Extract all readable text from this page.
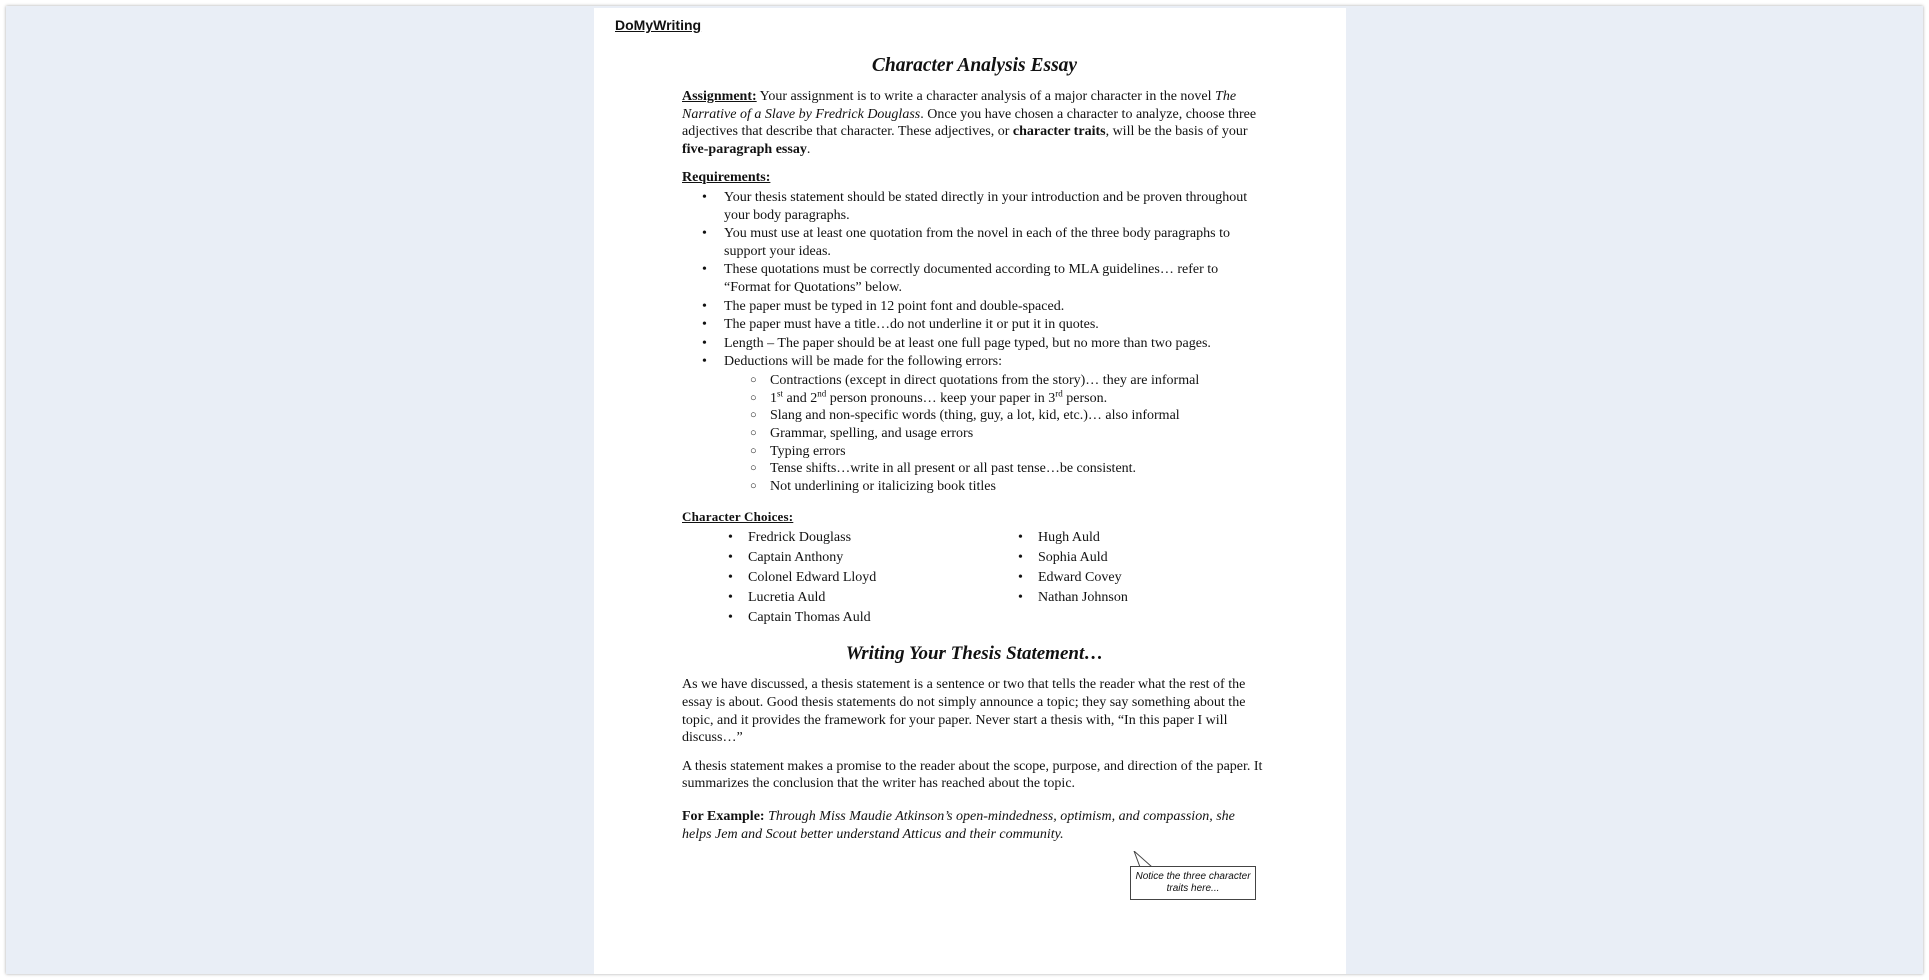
DoMyWriting
Character Analysis Essay

Assignment: Your assignment is to write a character analysis of a major character in the novel The Narrative of a Slave by Fredrick Douglass. Once you have chosen a character to analyze, choose three adjectives that describe that character. These adjectives, or character traits, will be the basis of your five-paragraph essay.

Requirements:
• Your thesis statement should be stated directly in your introduction and be proven throughout your body paragraphs.
• You must use at least one quotation from the novel in each of the three body paragraphs to support your ideas.
• These quotations must be correctly documented according to MLA guidelines… refer to “Format for Quotations” below.
• The paper must be typed in 12 point font and double-spaced.
• The paper must have a title…do not underline it or put it in quotes.
• Length – The paper should be at least one full page typed, but no more than two pages.
• Deductions will be made for the following errors:
○ Contractions (except in direct quotations from the story)… they are informal
○ 1st and 2nd person pronouns… keep your paper in 3rd person.
○ Slang and non-specific words (thing, guy, a lot, kid, etc.)… also informal
○ Grammar, spelling, and usage errors
○ Typing errors
○ Tense shifts…write in all present or all past tense…be consistent.
○ Not underlining or italicizing book titles
Character Choices:
• Fredrick Douglass
• Captain Anthony
• Colonel Edward Lloyd
• Lucretia Auld
• Captain Thomas Auld
• Hugh Auld
• Sophia Auld
• Edward Covey
• Nathan Johnson
Writing Your Thesis Statement…

As we have discussed, a thesis statement is a sentence or two that tells the reader what the rest of the essay is about. Good thesis statements do not simply announce a topic; they say something about the topic, and it provides the framework for your paper. Never start a thesis with, “In this paper I will discuss…”

A thesis statement makes a promise to the reader about the scope, purpose, and direction of the paper. It summarizes the conclusion that the writer has reached about the topic.

For Example: Through Miss Maudie Atkinson’s open-mindedness, optimism, and compassion, she helps Jem and Scout better understand Atticus and their community.

Notice the three character traits here...
